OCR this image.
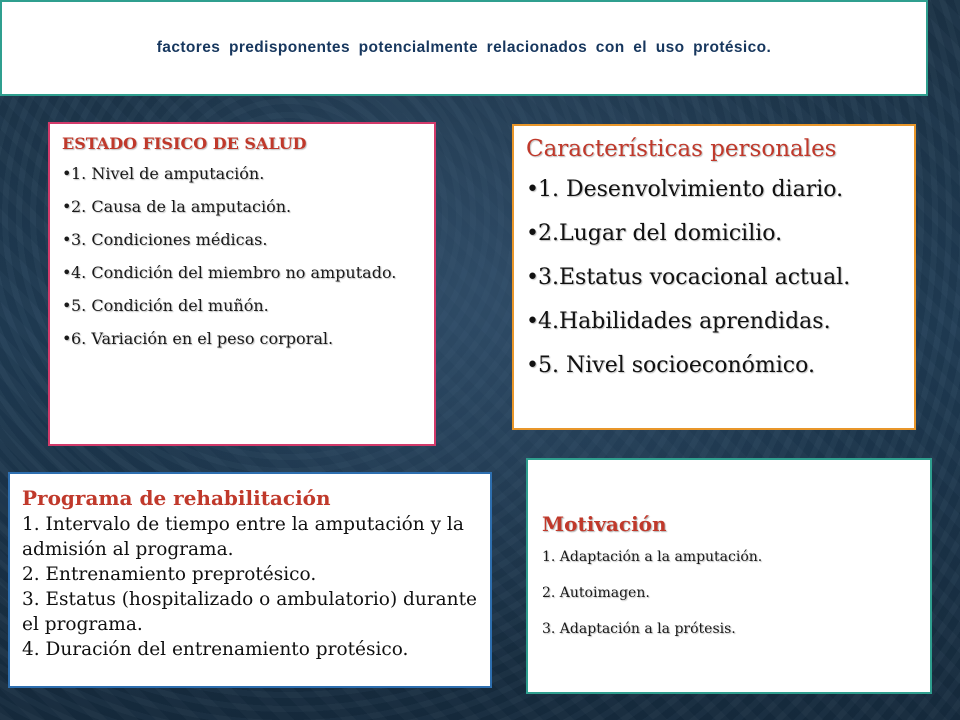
factores predisponentes potencialmente relacionados con el uso protésico.
ESTADO FISICO DE SALUD
•1. Nivel de amputación.
•2. Causa de la amputación.
•3. Condiciones médicas.
•4. Condición del miembro no amputado.
•5. Condición del muñón.
•6. Variación en el peso corporal.
Características personales
•1. Desenvolvimiento diario.
•2.Lugar del domicilio.
•3.Estatus vocacional actual.
•4.Habilidades aprendidas.
•5. Nivel socioeconómico.
Programa de rehabilitación
1. Intervalo de tiempo entre la amputación y la admisión al programa.
2. Entrenamiento preprotésico.
3. Estatus (hospitalizado o ambulatorio) durante el programa.
4. Duración del entrenamiento protésico.
Motivación
1. Adaptación a la amputación.
2. Autoimagen.
3. Adaptación a la prótesis.
